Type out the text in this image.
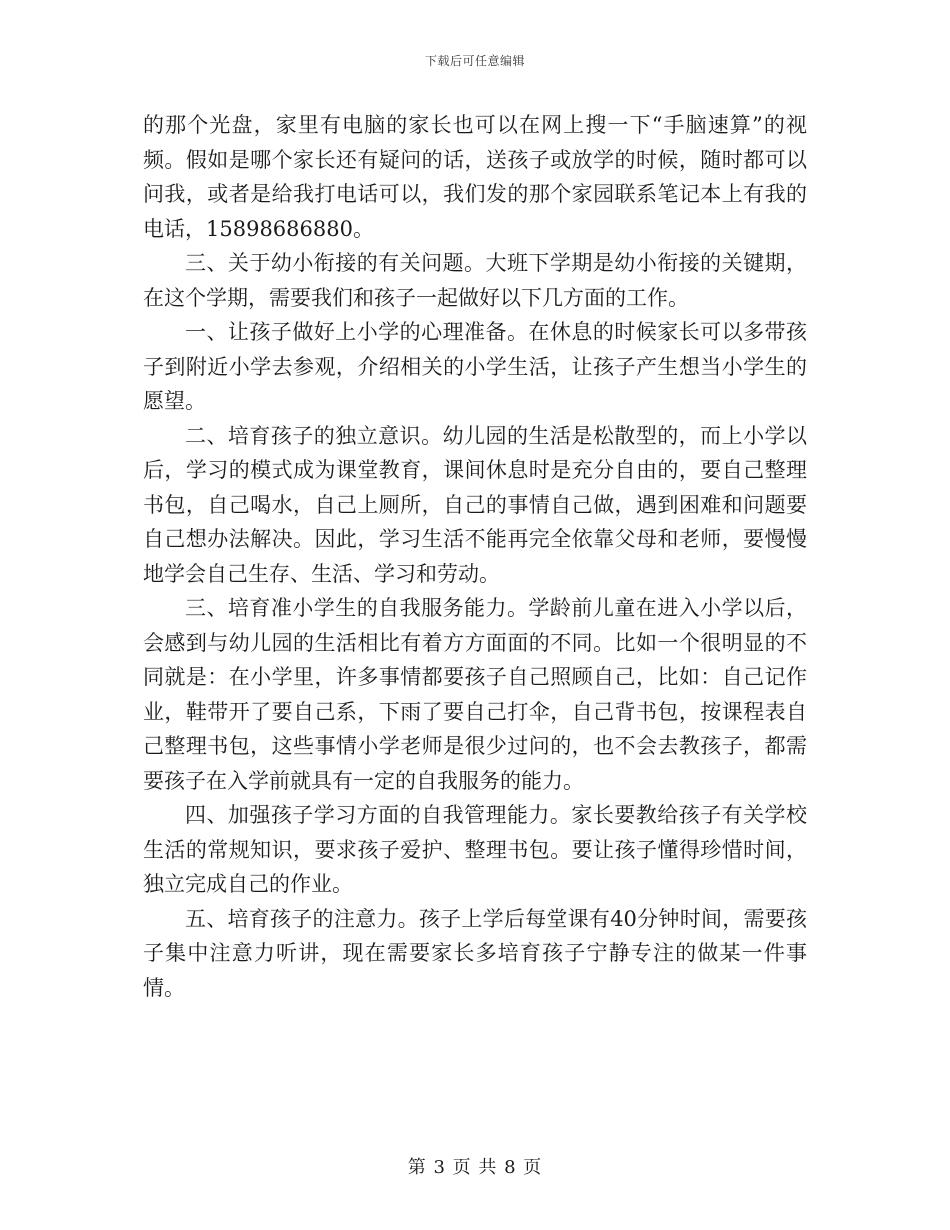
下载后可任意编辑

的那个光盘，家里有电脑的家长也可以在网上搜一下“手脑速算”的视频。假如是哪个家长还有疑问的话，送孩子或放学的时候，随时都可以问我，或者是给我打电话可以，我们发的那个家园联系笔记本上有我的电话，15898686880。

三、关于幼小衔接的有关问题。大班下学期是幼小衔接的关键期，在这个学期，需要我们和孩子一起做好以下几方面的工作。

一、让孩子做好上小学的心理准备。在休息的时候家长可以多带孩子到附近小学去参观，介绍相关的小学生活，让孩子产生想当小学生的愿望。

二、培育孩子的独立意识。幼儿园的生活是松散型的，而上小学以后，学习的模式成为课堂教育，课间休息时是充分自由的，要自己整理书包，自己喝水，自己上厕所，自己的事情自己做，遇到困难和问题要自己想办法解决。因此，学习生活不能再完全依靠父母和老师，要慢慢地学会自己生存、生活、学习和劳动。

三、培育准小学生的自我服务能力。学龄前儿童在进入小学以后，会感到与幼儿园的生活相比有着方方面面的不同。比如一个很明显的不同就是：在小学里，许多事情都要孩子自己照顾自己，比如：自己记作业，鞋带开了要自己系，下雨了要自己打伞，自己背书包，按课程表自己整理书包，这些事情小学老师是很少过问的，也不会去教孩子，都需要孩子在入学前就具有一定的自我服务的能力。

四、加强孩子学习方面的自我管理能力。家长要教给孩子有关学校生活的常规知识，要求孩子爱护、整理书包。要让孩子懂得珍惜时间，独立完成自己的作业。

五、培育孩子的注意力。孩子上学后每堂课有40分钟时间，需要孩子集中注意力听讲，现在需要家长多培育孩子宁静专注的做某一件事情。

第 3 页 共 8 页
